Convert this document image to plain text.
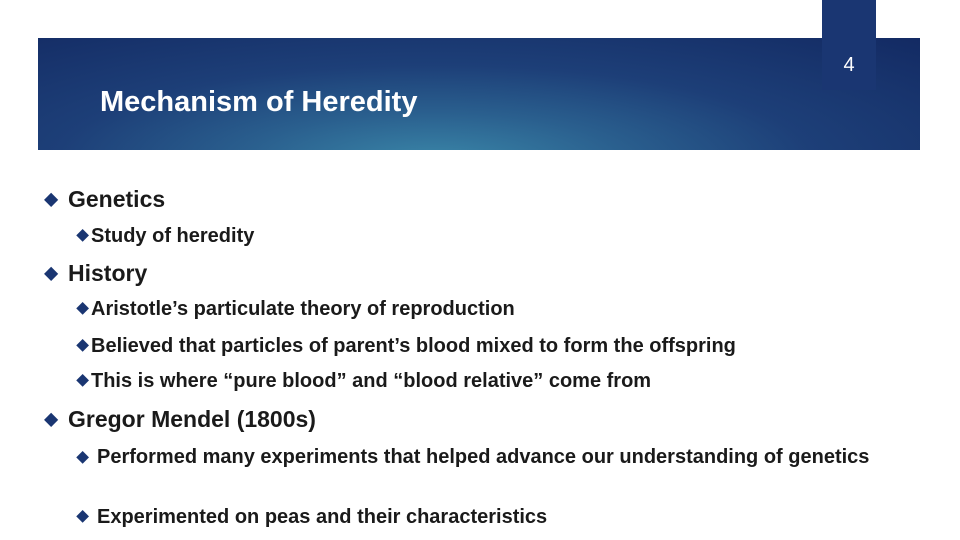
4
Mechanism of Heredity
Genetics
Study of heredity
History
Aristotle’s particulate theory of reproduction
Believed that particles of parent’s blood mixed to form the offspring
This is where “pure blood” and “blood relative” come from
Gregor Mendel (1800s)
Performed many experiments that helped advance our understanding of genetics
Experimented on peas and their characteristics
